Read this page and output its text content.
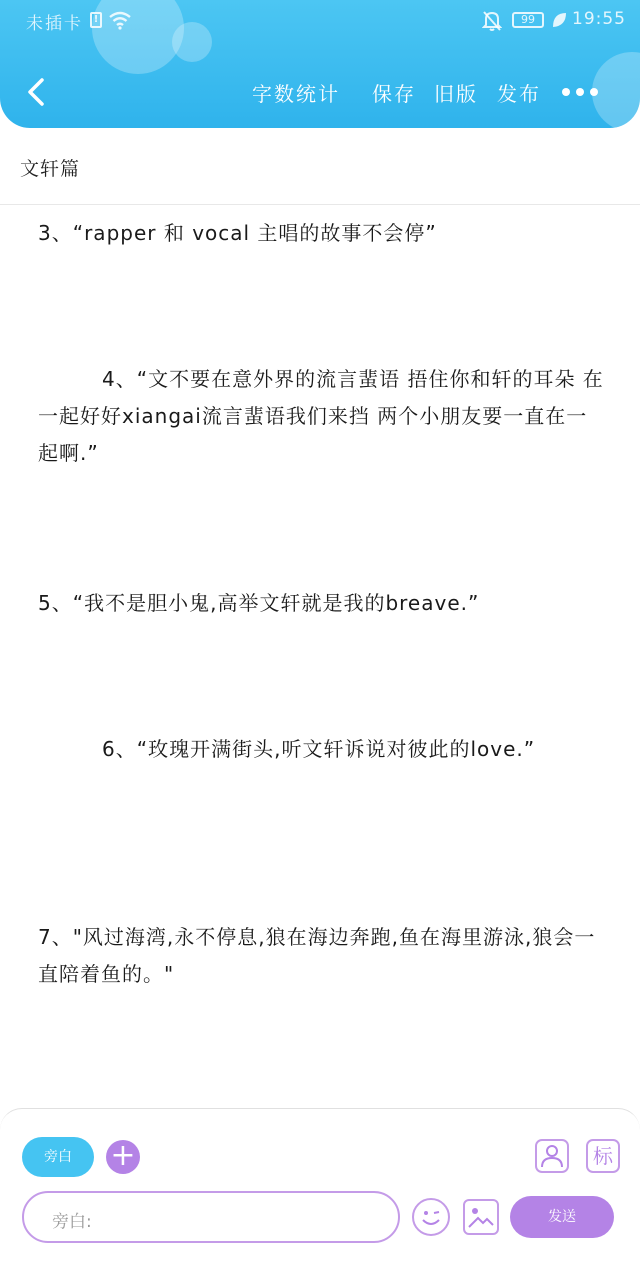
未插卡	!	99	19:55
字数统计 保存 旧版 发布
文轩篇
3、“rapper 和 vocal 主唱的故事不会停”
4、“文不要在意外界的流言蜚语 捂住你和轩的耳朵 在一起好好xiangai流言蜚语我们来挡 两个小朋友要一直在一起啊.”
5、“我不是胆小鬼,高举文轩就是我的breave.”
6、“玫瑰开满街头,听文轩诉说对彼此的love.”
7、"风过海湾,永不停息,狼在海边奔跑,鱼在海里游泳,狼会一直陪着鱼的。"
旁白	+	标
旁白:	发送
